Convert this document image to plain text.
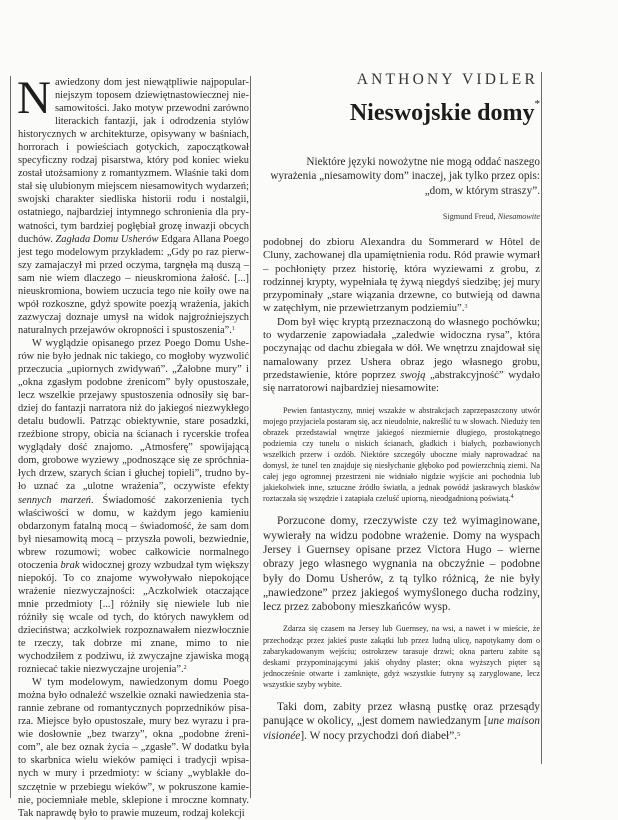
Nawiedzony dom jest niewątpliwie najpopularniejszym toposem dziewiętnastowiecznej niesamowitości. Jako motyw przewodni zarówno literackich fantazji, jak i odrodzenia stylów historycznych w architekturze, opisywany w baśniach, horrorach i powieściach gotyckich, zapoczątkował specyficzny rodzaj pisarstwa, który pod koniec wieku został utożsamiony z romantyzmem. Właśnie taki dom stał się ulubionym miejscem niesamowitych wydarzeń; swojski charakter siedliska historii rodu i nostalgii, ostatniego, najbardziej intymnego schronienia dla prywatności, tym bardziej pogłębiał grozę inwazji obcych duchów. Zagłada Domu Usherów Edgara Allana Poego jest tego modelowym przykładem: „Gdy po raz pierwszy zamajaczył mi przed oczyma, targnęła mą duszą – sam nie wiem dlaczego – nieuskromiona żałość. [...] nieuskromiona, bowiem uczucia tego nie koiły owe na wpół rozkoszne, gdyż spowite poezją wrażenia, jakich zazwyczaj doznaje umysł na widok najgroźniejszych naturalnych przejawów okropności i spustoszenia”.$^1$

W wyglądzie opisanego przez Poego Domu Usherów nie było jednak nic takiego, co mogłoby wyzwolić przeczucia „upiornych zwidywań”. „Żałobne mury” i „okna zgasłym podobne źrenicom” były opustoszałe, lecz wszelkie przejawy spustoszenia odnosiły się bardziej do fantazji narratora niż do jakiegoś niezwykłego detalu budowli. Patrząc obiektywnie, stare posadzki, rzeźbione stropy, obicia na ścianach i rycerskie trofea wyglądały dość znajomo. „Atmosferę” spowijającą dom, grobowe wyziewy „podnoszące się ze spróchniałych drzew, szarych ścian i głuchej topieli”, trudno było uznać za „ulotne wrażenia”, oczywiste efekty sennych marzeń. Świadomość zakorzenienia tych właściwości w domu, w każdym jego kamieniu obdarzonym fatalną mocą – świadomość, że sam dom był niesamowitą mocą – przyszła powoli, bezwiednie, wbrew rozumowi; wobec całkowicie normalnego otoczenia brak widocznej grozy wzbudzał tym większy niepokój. To co znajome wywoływało niepokojące wrażenie niezwyczajności: „Aczkolwiek otaczające mnie przedmioty [...] różniły się niewiele lub nie różniły się wcale od tych, do których nawykłem od dzieciństwa; aczkolwiek rozpoznawałem niezwłocznie te rzeczy, tak dobrze mi znane, mimo to nie wychodziłem z podziwu, iż zwyczajne zjawiska mogą rozniecać takie niezwyczajne urojenia”.$^2$

W tym modelowym, nawiedzonym domu Poego można było odnaleźć wszelkie oznaki nawiedzenia starannie zebrane od romantycznych poprzedników pisarza. Miejsce było opustoszałe, mury bez wyrazu i prawie dosłownie „bez twarzy”, okna „podobne źrenicom”, ale bez oznak życia – „zgasłe”. W dodatku była to skarbnica wielu wieków pamięci i tradycji wpisanych w mury i przedmioty: w ściany „wyblakłe doszczętnie w przebiegu wieków”, w pokruszone kamienie, pociemniałe meble, sklepione i mroczne komnaty. Tak naprawdę było to prawie muzeum, rodzaj kolekcji

ANTHONY VIDLER
Nieswojskie domy*
Niektóre języki nowożytne nie mogą oddać naszego wyrażenia „niesamowity dom” inaczej, jak tylko przez opis: „dom, w którym straszy”.
Sigmund Freud, Niesamowite

podobnej do zbioru Alexandra du Sommerard w Hôtel de Cluny, zachowanej dla upamiętnienia rodu. Ród prawie wymarł – pochłonięty przez historię, która wyziewami z grobu, z rodzinnej krypty, wypełniała tę żywą niegdyś siedzibę; jej mury przypominały „stare wiązania drzewne, co butwieją od dawna w zatęchłym, nie przewietrzanym podziemiu”.$^3$

Dom był więc kryptą przeznaczoną do własnego pochówku; to wydarzenie zapowiadała „zaledwie widoczna rysa”, która poczynając od dachu zbiegała w dół. We wnętrzu znajdował się namalowany przez Ushera obraz jego własnego grobu, przedstawienie, które poprzez swoją „abstrakcyjność” wydało się narratorowi najbardziej niesamowite:

Pewien fantastyczny, mniej wszakże w abstrakcjach zaprzepaszczony utwór mojego przyjaciela postaram się, acz nieudolnie, nakreślić tu w słowach. Nieduży ten obrazek przedstawiał wnętrze jakiegoś niezmiernie długiego, prostokątnego podziemia czy tunelu o niskich ścianach, gładkich i białych, pozbawionych wszelkich przerw i ozdób. Niektóre szczegóły uboczne miały naprowadzać na domysł, że tunel ten znajduje się niesłychanie głęboko pod powierzchnią ziemi. Na całej jego ogromnej przestrzeni nie widniało nigdzie wyjście ani pochodnia lub jakiekolwiek inne, sztuczne źródło światła, a jednak powódź jaskrawych blasków roztaczała się wszędzie i zatapiała czeluść upiorną, nieodgadnioną poświatą.$^4$

Porzucone domy, rzeczywiste czy też wyimaginowane, wywierały na widzu podobne wrażenie. Domy na wyspach Jersey i Guernsey opisane przez Victora Hugo – wierne obrazy jego własnego wygnania na obczyźnie – podobne były do Domu Usherów, z tą tylko różnicą, że nie były „nawiedzone” przez jakiegoś wymyślonego ducha rodziny, lecz przez zabobony mieszkańców wysp.

Zdarza się czasem na Jersey lub Guernsey, na wsi, a nawet i w mieście, że przechodząc przez jakieś puste zakątki lub przez ludną ulicę, napotykamy dom o zabarykadowanym wejściu; ostrokrzew tarasuje drzwi; okna parteru zabite są deskami przypominającymi jakiś ohydny plaster; okna wyższych pięter są jednocześnie otwarte i zamknięte, gdyż wszystkie futryny są zaryglowane, lecz wszystkie szyby wybite.

Taki dom, zabity przez własną pustkę oraz przesądy panujące w okolicy, „jest domem nawiedzanym [une maison visionée]. W nocy przychodzi doń diabeł”.$^5$
